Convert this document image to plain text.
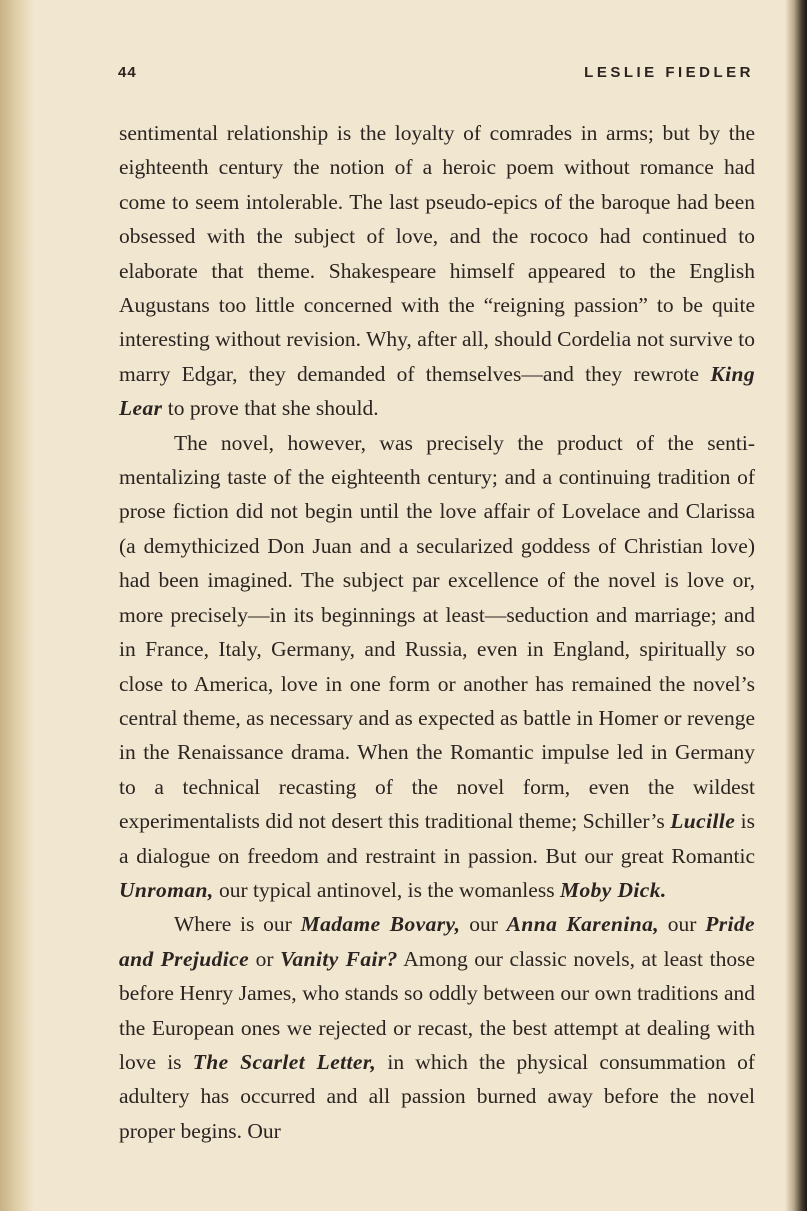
44	LESLIE FIEDLER

sentimental relationship is the loyalty of comrades in arms; but by the eighteenth century the notion of a heroic poem without romance had come to seem intolerable. The last pseudo-epics of the baroque had been obsessed with the subject of love, and the rococo had continued to elaborate that theme. Shakespeare himself appeared to the English Augustans too little concerned with the “reigning passion” to be quite interesting without revision. Why, after all, should Cordelia not survive to marry Edgar, they demanded of themselves—and they rewrote King Lear to prove that she should.

The novel, however, was precisely the product of the sentimentalizing taste of the eighteenth century; and a continuing tradition of prose fiction did not begin until the love affair of Lovelace and Clarissa (a demythicized Don Juan and a secularized goddess of Christian love) had been imagined. The subject par excellence of the novel is love or, more precisely—in its beginnings at least—seduction and marriage; and in France, Italy, Germany, and Russia, even in England, spiritually so close to America, love in one form or another has remained the novel’s central theme, as necessary and as expected as battle in Homer or revenge in the Renaissance drama. When the Romantic impulse led in Germany to a technical recasting of the novel form, even the wildest experimentalists did not desert this traditional theme; Schiller’s Lucille is a dialogue on freedom and restraint in passion. But our great Romantic Unroman, our typical antinovel, is the womanless Moby Dick.

Where is our Madame Bovary, our Anna Karenina, our Pride and Prejudice or Vanity Fair? Among our classic novels, at least those before Henry James, who stands so oddly between our own traditions and the European ones we rejected or recast, the best attempt at dealing with love is The Scarlet Letter, in which the physical consummation of adultery has occurred and all passion burned away before the novel proper begins. Our
